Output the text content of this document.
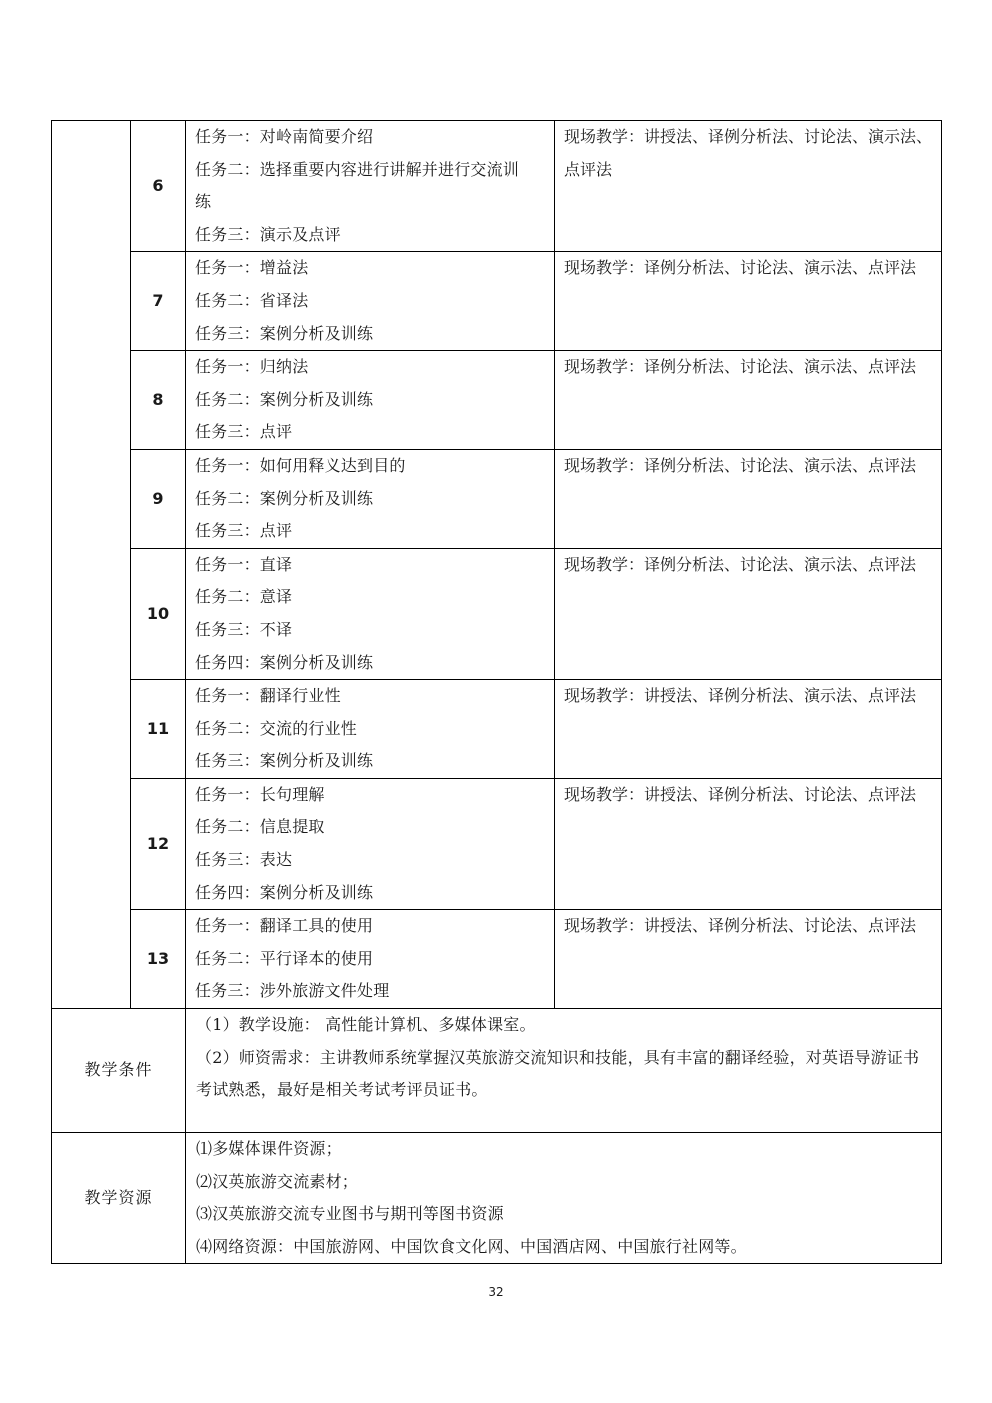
	6	任务一：对岭南简要介绍
任务二：选择重要内容进行讲解并进行交流训
练
任务三：演示及点评	现场教学：讲授法、译例分析法、讨论法、演示法、点评法
	7	任务一：增益法
任务二：省译法
任务三：案例分析及训练	现场教学：译例分析法、讨论法、演示法、点评法
	8	任务一：归纳法
任务二：案例分析及训练
任务三：点评	现场教学：译例分析法、讨论法、演示法、点评法
	9	任务一：如何用释义达到目的
任务二：案例分析及训练
任务三：点评	现场教学：译例分析法、讨论法、演示法、点评法
	10	任务一：直译
任务二：意译
任务三：不译
任务四：案例分析及训练	现场教学：译例分析法、讨论法、演示法、点评法
	11	任务一：翻译行业性
任务二：交流的行业性
任务三：案例分析及训练	现场教学：讲授法、译例分析法、演示法、点评法
	12	任务一：长句理解
任务二：信息提取
任务三：表达
任务四：案例分析及训练	现场教学：讲授法、译例分析法、讨论法、点评法
	13	任务一：翻译工具的使用
任务二：平行译本的使用
任务三：涉外旅游文件处理	现场教学：讲授法、译例分析法、讨论法、点评法
教学条件		（1）教学设施： 高性能计算机、多媒体课室。
（2）师资需求：主讲教师系统掌握汉英旅游交流知识和技能，具有丰富的翻译经验，对英语导游证书考试熟悉，最好是相关考试考评员证书。	

教学资源		⑴多媒体课件资源；
⑵汉英旅游交流素材；
⑶汉英旅游交流专业图书与期刊等图书资源
⑷网络资源：中国旅游网、中国饮食文化网、中国酒店网、中国旅行社网等。	
32
